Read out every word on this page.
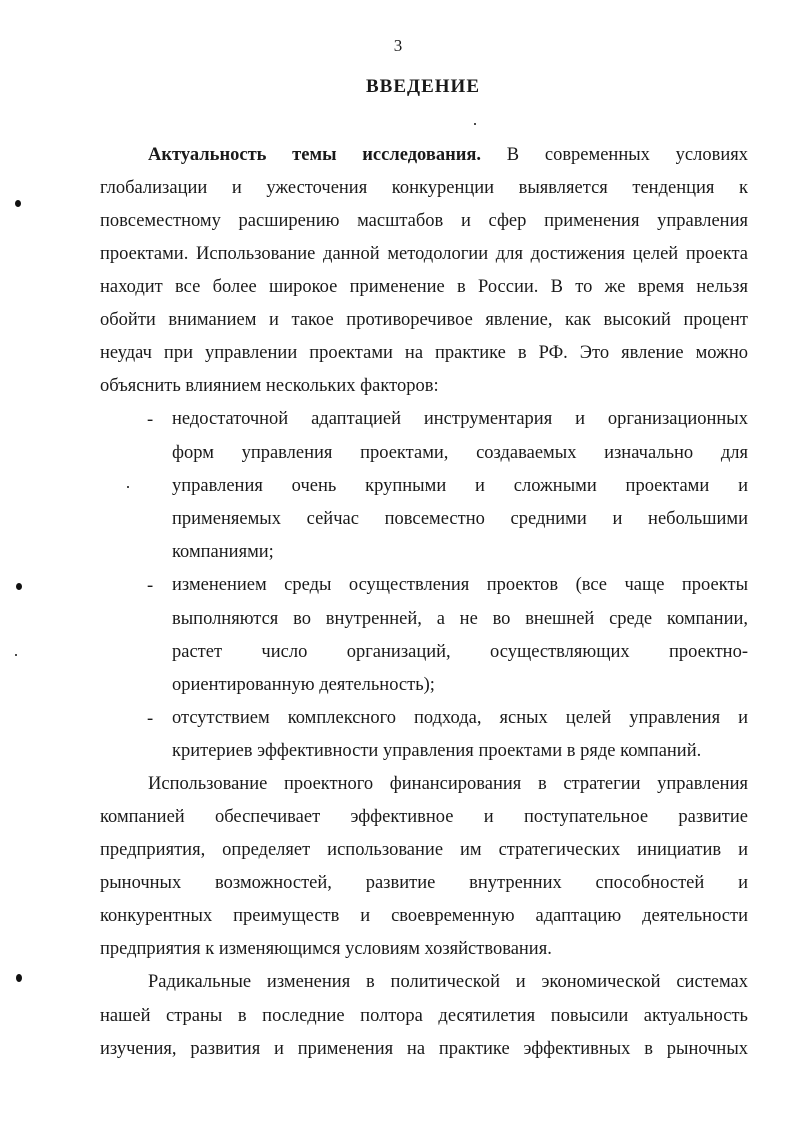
3
ВВЕДЕНИЕ
Актуальность темы исследования. В современных условиях
глобализации и ужесточения конкуренции выявляется тенденция к
повсеместному расширению масштабов и сфер применения управления
проектами. Использование данной методологии для достижения целей проекта
находит все более широкое применение в России. В то же время нельзя
обойти вниманием и такое противоречивое явление, как высокий процент
неудач при управлении проектами на практике в РФ. Это явление можно
объяснить влиянием нескольких факторов:
- недостаточной адаптацией инструментария и организационных
форм управления проектами, создаваемых изначально для
управления очень крупными и сложными проектами и
применяемых сейчас повсеместно средними и небольшими
компаниями;
- изменением среды осуществления проектов (все чаще проекты
выполняются во внутренней, а не во внешней среде компании,
растет число организаций, осуществляющих проектно-
ориентированную деятельность);
- отсутствием комплексного подхода, ясных целей управления и
критериев эффективности управления проектами в ряде компаний.
Использование проектного финансирования в стратегии управления
компанией обеспечивает эффективное и поступательное развитие
предприятия, определяет использование им стратегических инициатив и
рыночных возможностей, развитие внутренних способностей и
конкурентных преимуществ и своевременную адаптацию деятельности
предприятия к изменяющимся условиям хозяйствования.
Радикальные изменения в политической и экономической системах
нашей страны в последние полтора десятилетия повысили актуальность
изучения, развития и применения на практике эффективных в рыночных
